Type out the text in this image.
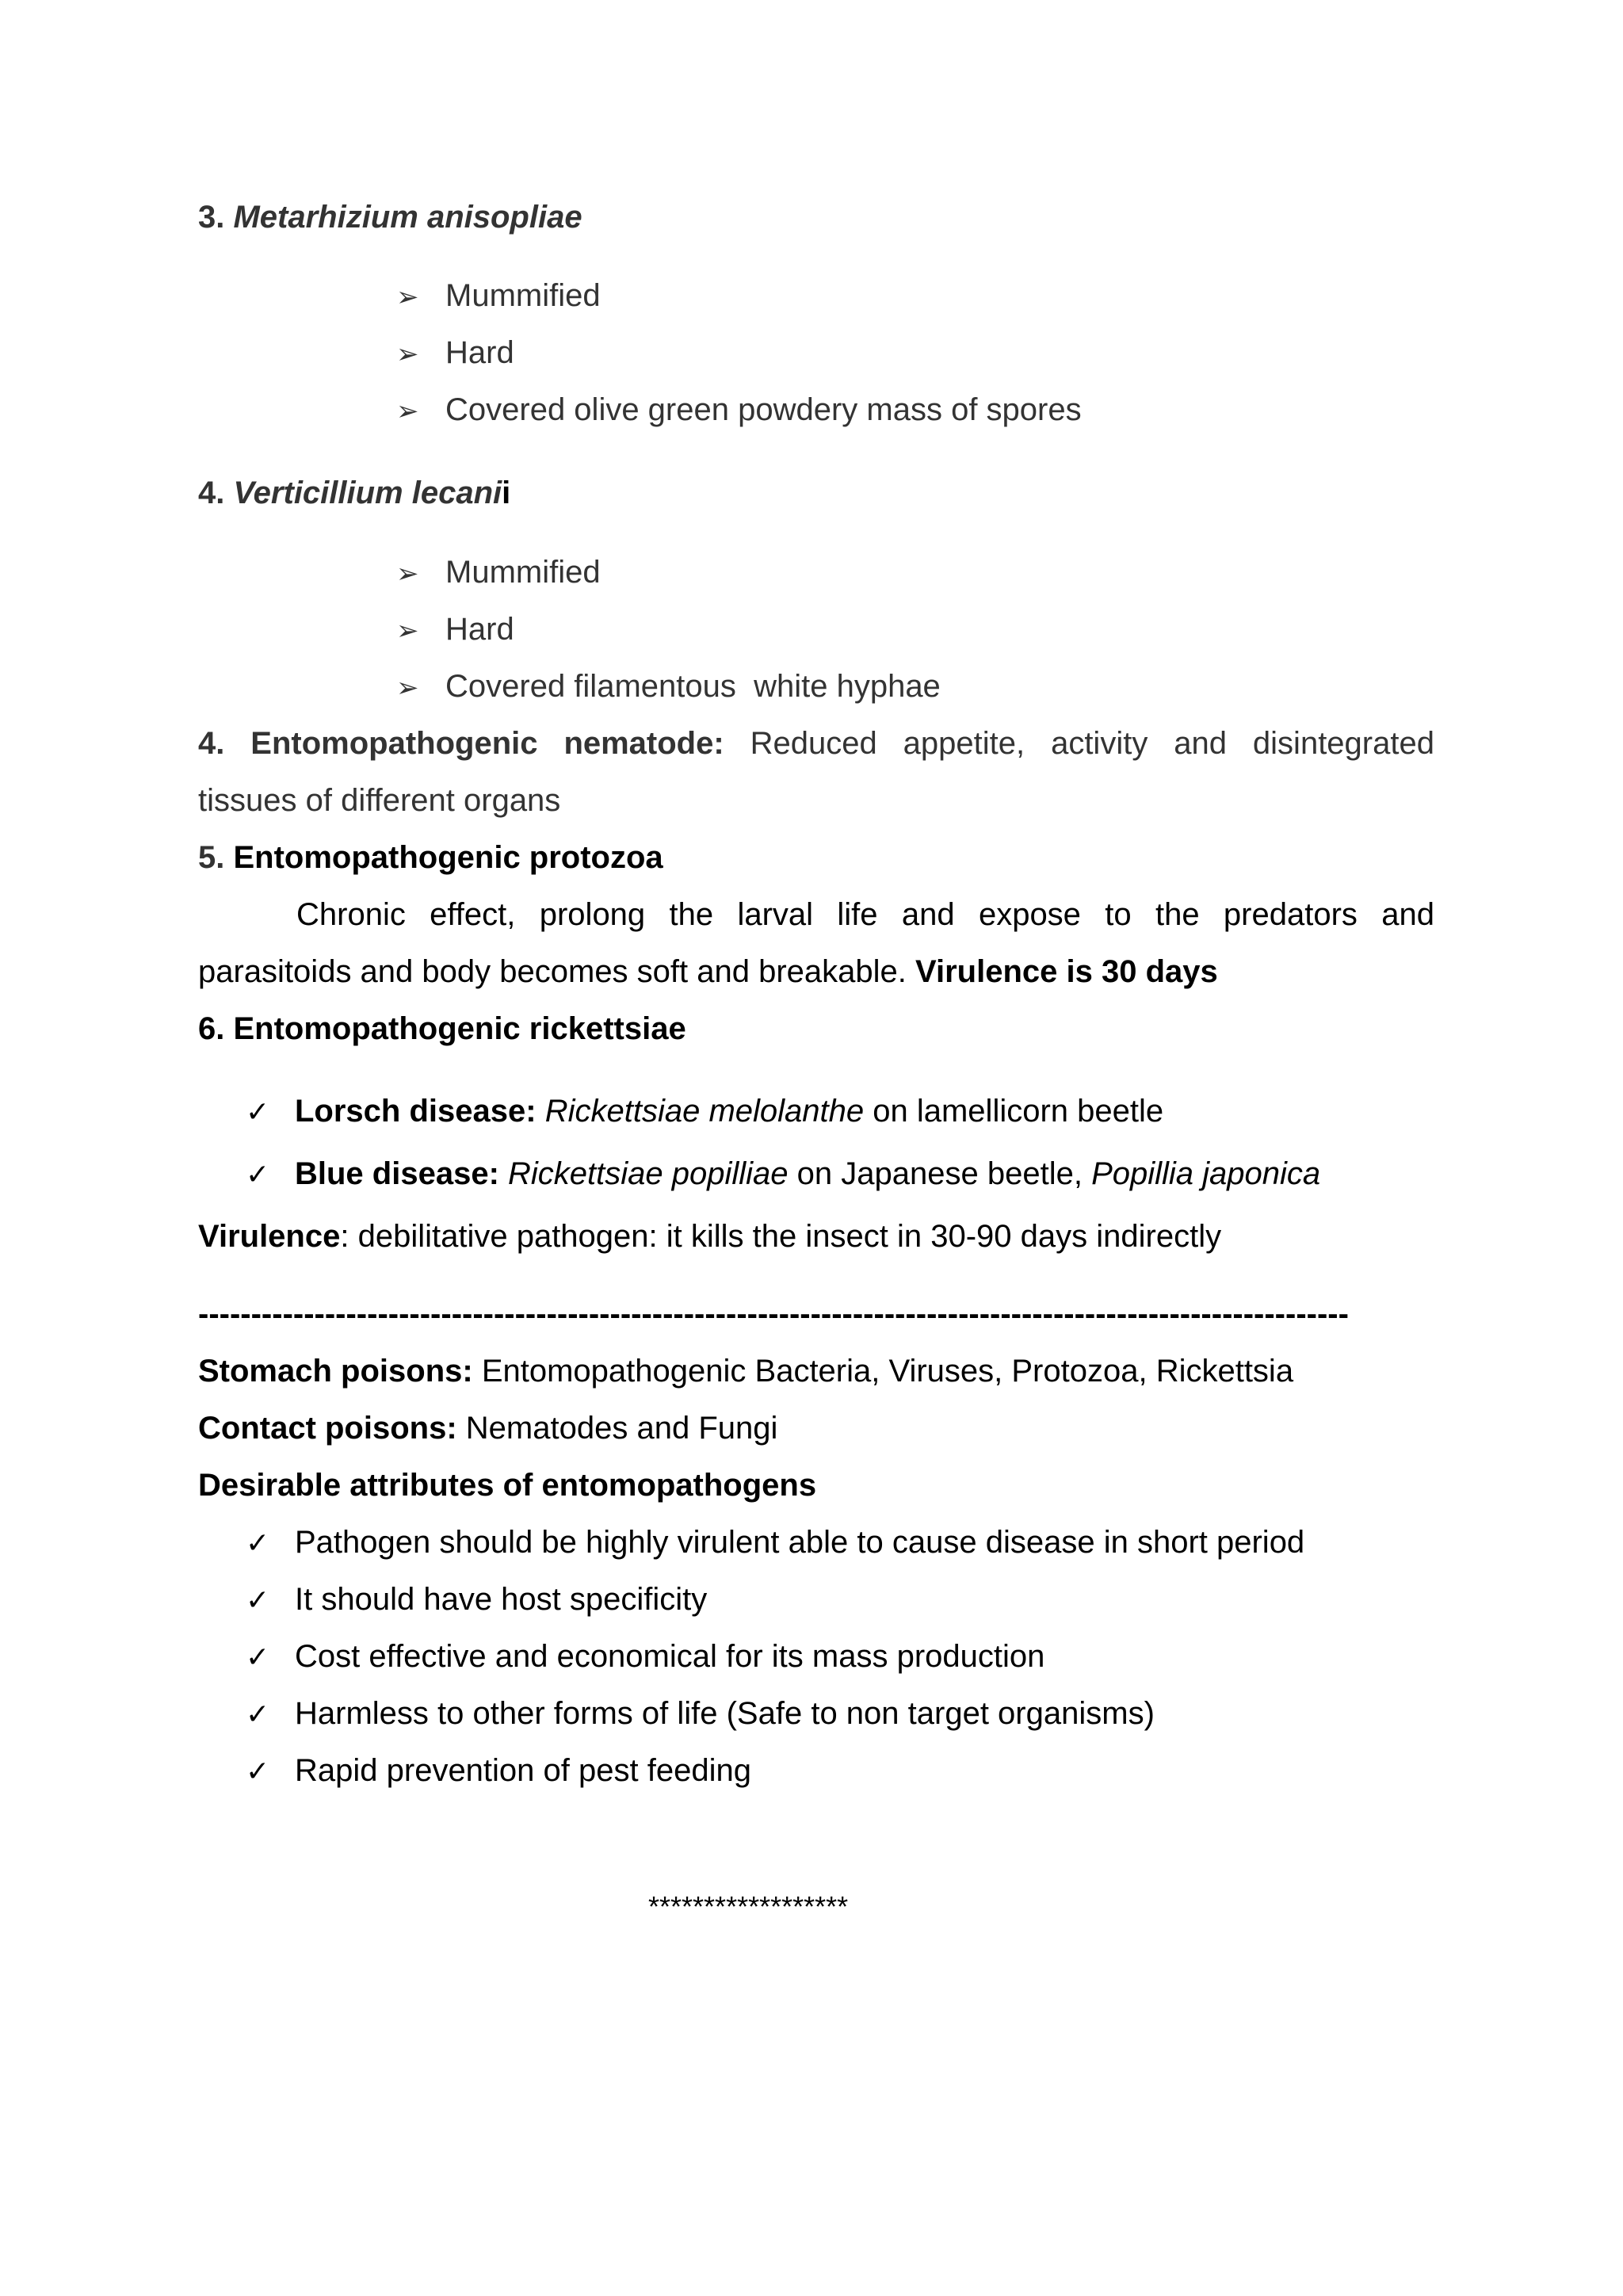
3. Metarhizium anisopliae
➢ Mummified
➢ Hard
➢ Covered olive green powdery mass of spores
4. Verticillium lecanii
➢ Mummified
➢ Hard
➢ Covered filamentous  white hyphae
4. Entomopathogenic nematode: Reduced appetite, activity and disintegrated
tissues of different organs
5. Entomopathogenic protozoa
Chronic effect, prolong the larval life and expose to the predators and
parasitoids and body becomes soft and breakable. Virulence is 30 days
6. Entomopathogenic rickettsiae
✓ Lorsch disease: Rickettsiae melolanthe on lamellicorn beetle
✓ Blue disease: Rickettsiae popilliae on Japanese beetle, Popillia japonica
Virulence: debilitative pathogen: it kills the insect in 30-90 days indirectly
-------------------------------------------------------------------------------------------------------------
Stomach poisons: Entomopathogenic Bacteria, Viruses, Protozoa, Rickettsia
Contact poisons: Nematodes and Fungi
Desirable attributes of entomopathogens
✓ Pathogen should be highly virulent able to cause disease in short period
✓ It should have host specificity
✓ Cost effective and economical for its mass production
✓ Harmless to other forms of life (Safe to non target organisms)
✓ Rapid prevention of pest feeding
******************
